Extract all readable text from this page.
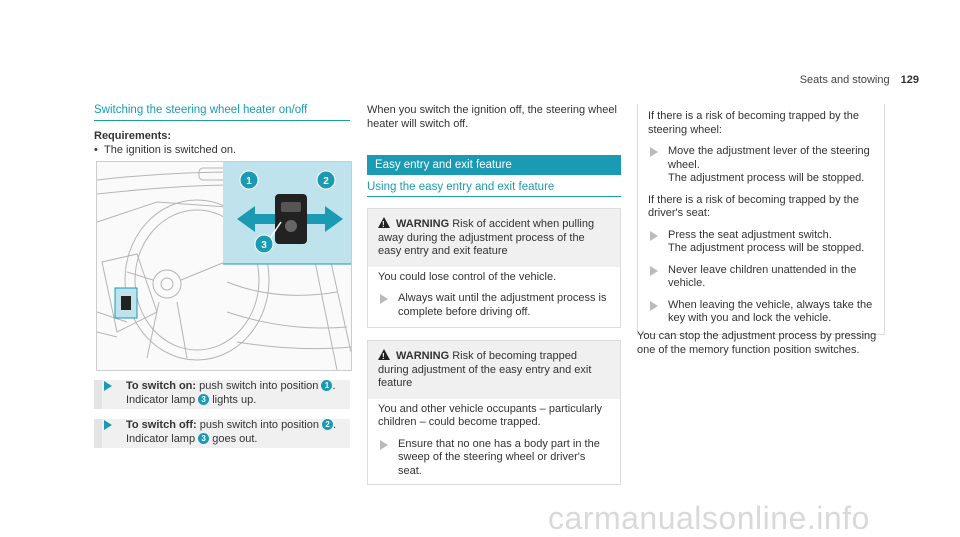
Seats and stowing 129
Switching the steering wheel heater on/off
Requirements:
• The ignition is switched on.
1	2
3
To switch on: push switch into position 1 .
Indicator lamp 3 lights up.
To switch off: push switch into position 2 .
Indicator lamp 3 goes out.

When you switch the ignition off, the steering wheel heater will switch off.

Easy entry and exit feature
Using the easy entry and exit feature
!WARNING Risk of accident when pulling away during the adjustment process of the easy entry and exit feature
You could lose control of the vehicle.
Always wait until the adjustment process is complete before driving off.
!WARNING Risk of becoming trapped during adjustment of the easy entry and exit feature
You and other vehicle occupants – particularly children – could become trapped.
Ensure that no one has a body part in the sweep of the steering wheel or driver's seat.

If there is a risk of becoming trapped by the steering wheel:

Move the adjustment lever of the steering wheel.
The adjustment process will be stopped.

If there is a risk of becoming trapped by the driver's seat:

Press the seat adjustment switch.
The adjustment process will be stopped.
Never leave children unattended in the vehicle.
When leaving the vehicle, always take the key with you and lock the vehicle.

You can stop the adjustment process by pressing one of the memory function position switches.

carmanualsonline.info
